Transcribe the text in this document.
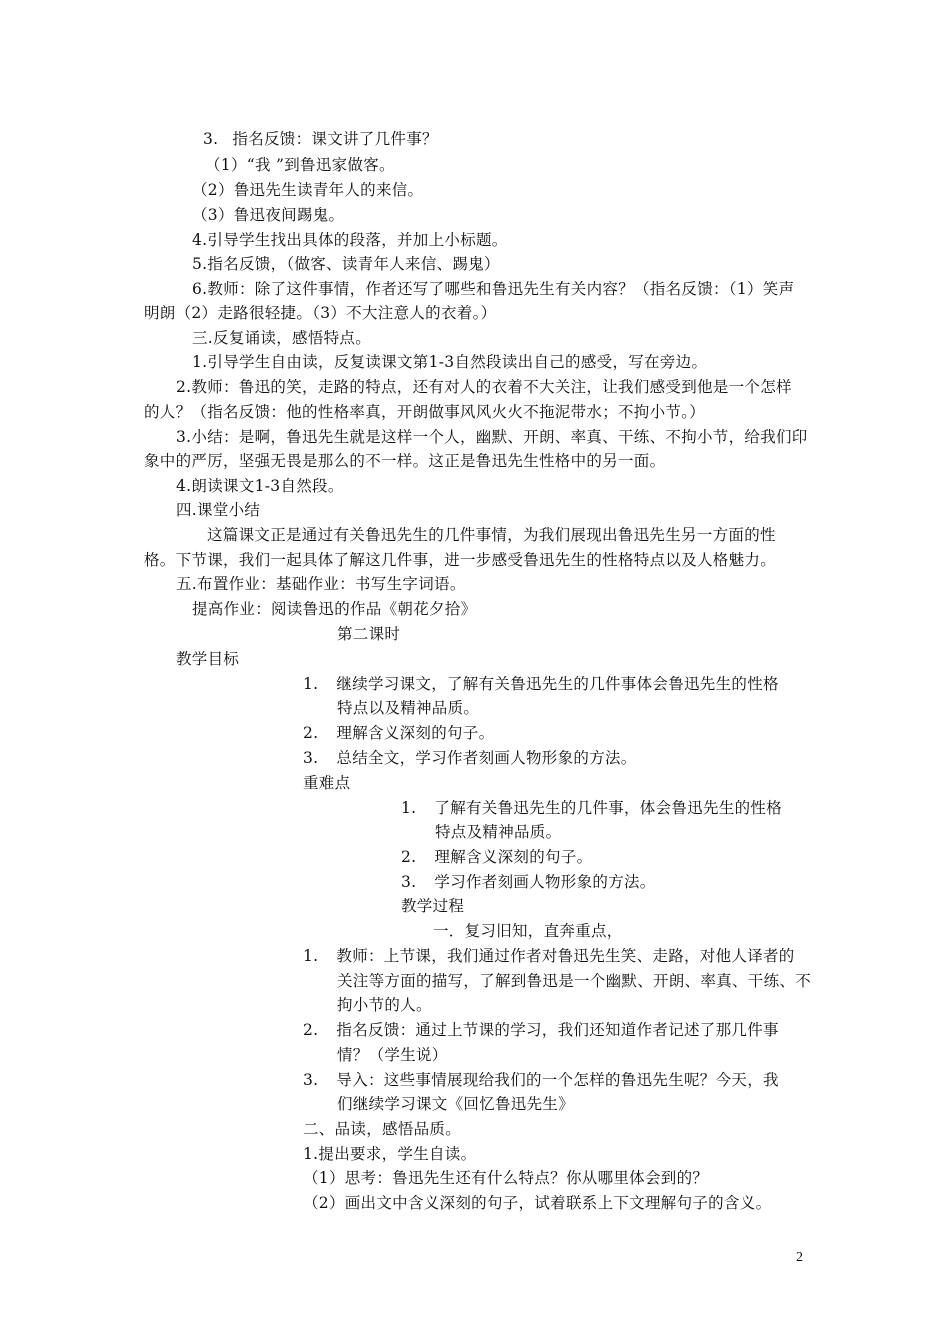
3. 指名反馈：课文讲了几件事？
（1）“我 ”到鲁迅家做客。
（2）鲁迅先生读青年人的来信。
（3）鲁迅夜间踢鬼。
4.引导学生找出具体的段落，并加上小标题。
5.指名反馈，（做客、读青年人来信、踢鬼）
6.教师：除了这件事情，作者还写了哪些和鲁迅先生有关内容？（指名反馈：（1）笑声
明朗（2）走路很轻捷。（3）不大注意人的衣着。）
三.反复诵读，感悟特点。
1.引导学生自由读，反复读课文第1-3自然段读出自己的感受，写在旁边。
2.教师：鲁迅的笑，走路的特点，还有对人的衣着不大关注，让我们感受到他是一个怎样
的人？（指名反馈：他的性格率真，开朗做事风风火火不拖泥带水；不拘小节。）
3.小结：是啊，鲁迅先生就是这样一个人，幽默、开朗、率真、干练、不拘小节，给我们印
象中的严厉，坚强无畏是那么的不一样。这正是鲁迅先生性格中的另一面。
4.朗读课文1-3自然段。
四.课堂小结
这篇课文正是通过有关鲁迅先生的几件事情，为我们展现出鲁迅先生另一方面的性
格。下节课，我们一起具体了解这几件事，进一步感受鲁迅先生的性格特点以及人格魅力。
五.布置作业：基础作业：书写生字词语。
提高作业：阅读鲁迅的作品《朝花夕拾》
第二课时
教学目标
1. 继续学习课文，了解有关鲁迅先生的几件事体会鲁迅先生的性格
特点以及精神品质。
2. 理解含义深刻的句子。
3. 总结全文，学习作者刻画人物形象的方法。
重难点
1. 了解有关鲁迅先生的几件事，体会鲁迅先生的性格
特点及精神品质。
2. 理解含义深刻的句子。
3. 学习作者刻画人物形象的方法。
教学过程
一．复习旧知，直奔重点，
1. 教师：上节课，我们通过作者对鲁迅先生笑、走路，对他人译者的
关注等方面的描写，了解到鲁迅是一个幽默、开朗、率真、干练、不
拘小节的人。
2. 指名反馈：通过上节课的学习，我们还知道作者记述了那几件事
情？（学生说）
3. 导入：这些事情展现给我们的一个怎样的鲁迅先生呢？今天，我
们继续学习课文《回忆鲁迅先生》
二、品读，感悟品质。
1.提出要求，学生自读。
（1）思考：鲁迅先生还有什么特点？你从哪里体会到的？
（2）画出文中含义深刻的句子，试着联系上下文理解句子的含义。
2
